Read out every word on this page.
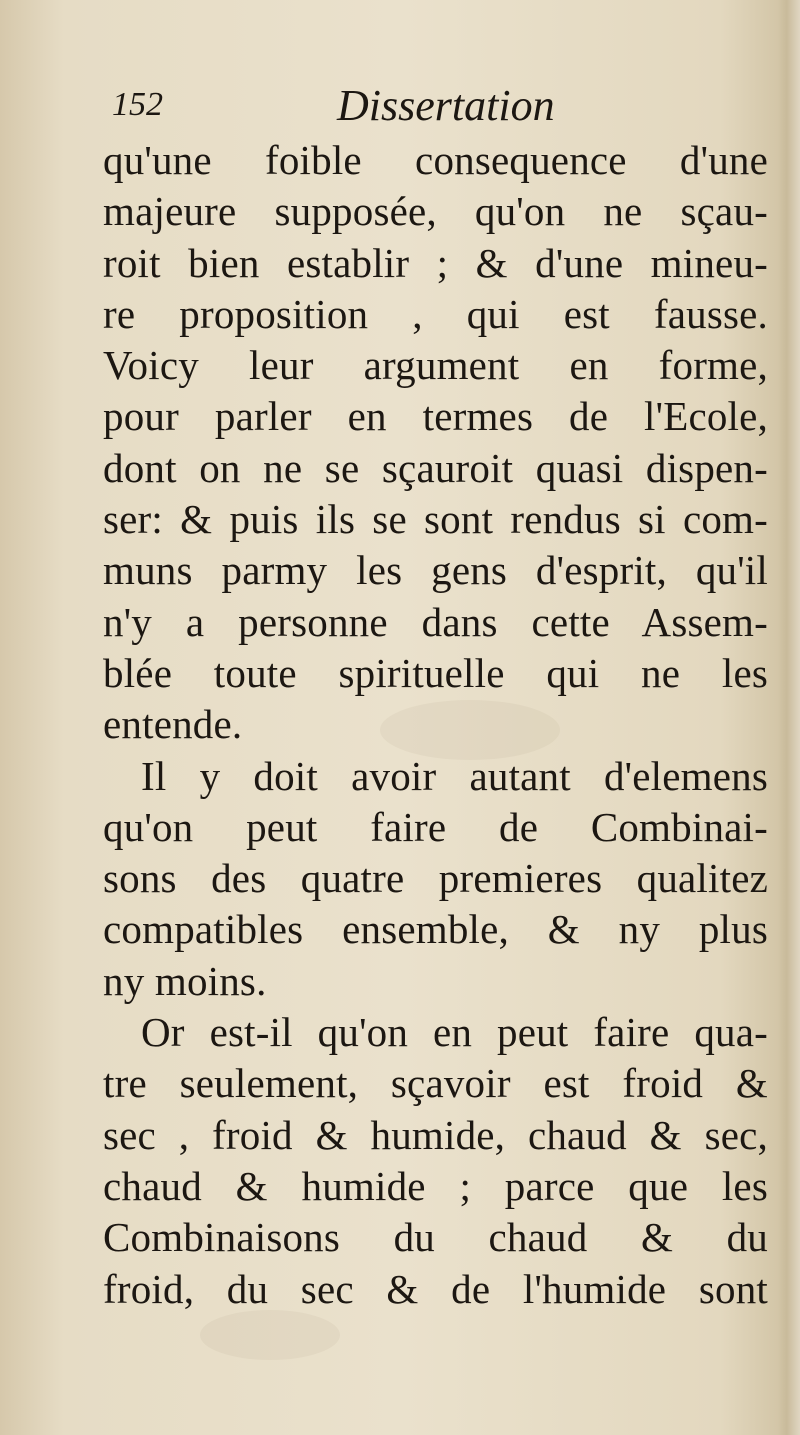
152	Dissertation
qu'une foible consequence d'une
majeure supposée, qu'on ne sçau-
roit bien establir ; & d'une mineu-
re proposition , qui est fausse.
Voicy leur argument en forme,
pour parler en termes de l'Ecole,
dont on ne se sçauroit quasi dispen-
ser: & puis ils se sont rendus si com-
muns parmy les gens d'esprit, qu'il
n'y a personne dans cette Assem-
blée toute spirituelle qui ne les
entende.
Il y doit avoir autant d'elemens
qu'on peut faire de Combinai-
sons des quatre premieres qualitez
compatibles ensemble, & ny plus
ny moins.
Or est-il qu'on en peut faire qua-
tre seulement, sçavoir est froid &
sec , froid & humide, chaud & sec,
chaud & humide ; parce que les
Combinaisons du chaud & du
froid, du sec & de l'humide sont
